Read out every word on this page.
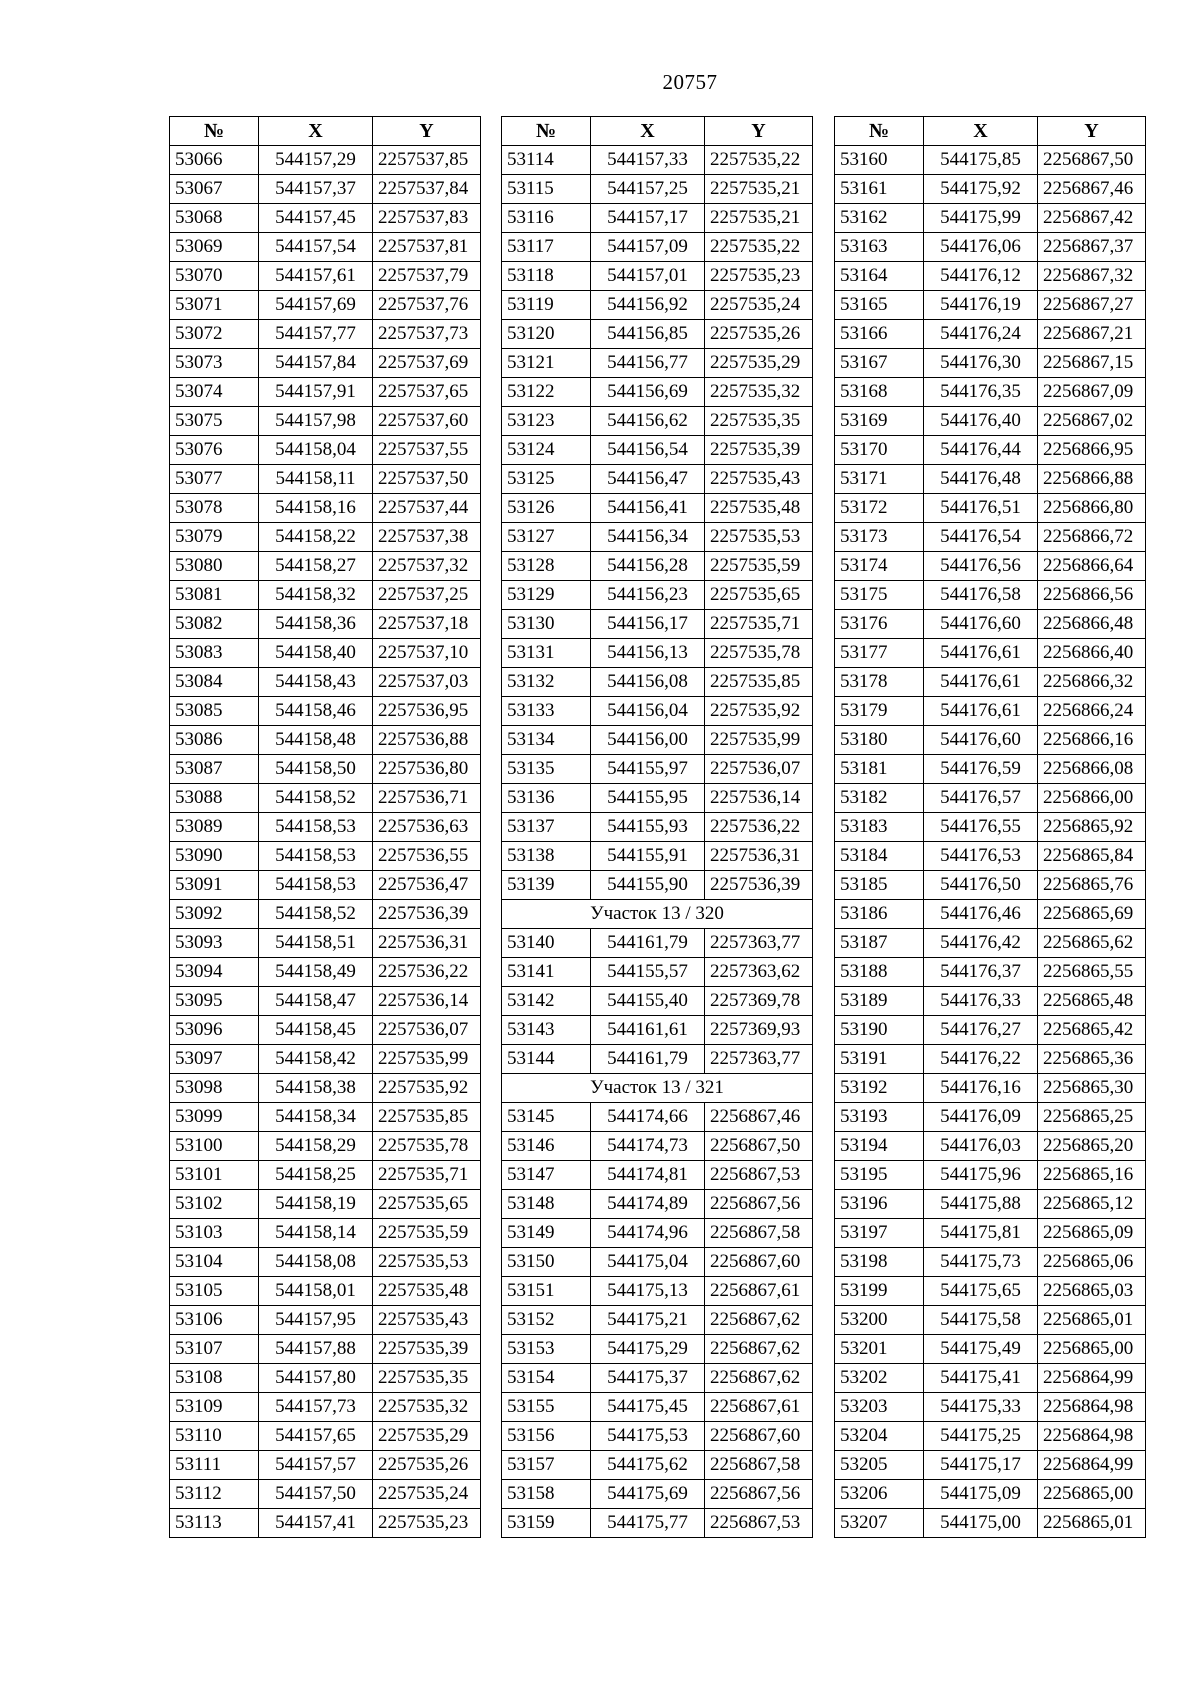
20757
№	X	Y
53066	544157,29	2257537,85
53067	544157,37	2257537,84
53068	544157,45	2257537,83
53069	544157,54	2257537,81
53070	544157,61	2257537,79
53071	544157,69	2257537,76
53072	544157,77	2257537,73
53073	544157,84	2257537,69
53074	544157,91	2257537,65
53075	544157,98	2257537,60
53076	544158,04	2257537,55
53077	544158,11	2257537,50
53078	544158,16	2257537,44
53079	544158,22	2257537,38
53080	544158,27	2257537,32
53081	544158,32	2257537,25
53082	544158,36	2257537,18
53083	544158,40	2257537,10
53084	544158,43	2257537,03
53085	544158,46	2257536,95
53086	544158,48	2257536,88
53087	544158,50	2257536,80
53088	544158,52	2257536,71
53089	544158,53	2257536,63
53090	544158,53	2257536,55
53091	544158,53	2257536,47
53092	544158,52	2257536,39
53093	544158,51	2257536,31
53094	544158,49	2257536,22
53095	544158,47	2257536,14
53096	544158,45	2257536,07
53097	544158,42	2257535,99
53098	544158,38	2257535,92
53099	544158,34	2257535,85
53100	544158,29	2257535,78
53101	544158,25	2257535,71
53102	544158,19	2257535,65
53103	544158,14	2257535,59
53104	544158,08	2257535,53
53105	544158,01	2257535,48
53106	544157,95	2257535,43
53107	544157,88	2257535,39
53108	544157,80	2257535,35
53109	544157,73	2257535,32
53110	544157,65	2257535,29
53111	544157,57	2257535,26
53112	544157,50	2257535,24
53113	544157,41	2257535,23
№	X	Y
53114	544157,33	2257535,22
53115	544157,25	2257535,21
53116	544157,17	2257535,21
53117	544157,09	2257535,22
53118	544157,01	2257535,23
53119	544156,92	2257535,24
53120	544156,85	2257535,26
53121	544156,77	2257535,29
53122	544156,69	2257535,32
53123	544156,62	2257535,35
53124	544156,54	2257535,39
53125	544156,47	2257535,43
53126	544156,41	2257535,48
53127	544156,34	2257535,53
53128	544156,28	2257535,59
53129	544156,23	2257535,65
53130	544156,17	2257535,71
53131	544156,13	2257535,78
53132	544156,08	2257535,85
53133	544156,04	2257535,92
53134	544156,00	2257535,99
53135	544155,97	2257536,07
53136	544155,95	2257536,14
53137	544155,93	2257536,22
53138	544155,91	2257536,31
53139	544155,90	2257536,39
Участок 13 / 320		
53140	544161,79	2257363,77
53141	544155,57	2257363,62
53142	544155,40	2257369,78
53143	544161,61	2257369,93
53144	544161,79	2257363,77
Участок 13 / 321		
53145	544174,66	2256867,46
53146	544174,73	2256867,50
53147	544174,81	2256867,53
53148	544174,89	2256867,56
53149	544174,96	2256867,58
53150	544175,04	2256867,60
53151	544175,13	2256867,61
53152	544175,21	2256867,62
53153	544175,29	2256867,62
53154	544175,37	2256867,62
53155	544175,45	2256867,61
53156	544175,53	2256867,60
53157	544175,62	2256867,58
53158	544175,69	2256867,56
53159	544175,77	2256867,53
№	X	Y
53160	544175,85	2256867,50
53161	544175,92	2256867,46
53162	544175,99	2256867,42
53163	544176,06	2256867,37
53164	544176,12	2256867,32
53165	544176,19	2256867,27
53166	544176,24	2256867,21
53167	544176,30	2256867,15
53168	544176,35	2256867,09
53169	544176,40	2256867,02
53170	544176,44	2256866,95
53171	544176,48	2256866,88
53172	544176,51	2256866,80
53173	544176,54	2256866,72
53174	544176,56	2256866,64
53175	544176,58	2256866,56
53176	544176,60	2256866,48
53177	544176,61	2256866,40
53178	544176,61	2256866,32
53179	544176,61	2256866,24
53180	544176,60	2256866,16
53181	544176,59	2256866,08
53182	544176,57	2256866,00
53183	544176,55	2256865,92
53184	544176,53	2256865,84
53185	544176,50	2256865,76
53186	544176,46	2256865,69
53187	544176,42	2256865,62
53188	544176,37	2256865,55
53189	544176,33	2256865,48
53190	544176,27	2256865,42
53191	544176,22	2256865,36
53192	544176,16	2256865,30
53193	544176,09	2256865,25
53194	544176,03	2256865,20
53195	544175,96	2256865,16
53196	544175,88	2256865,12
53197	544175,81	2256865,09
53198	544175,73	2256865,06
53199	544175,65	2256865,03
53200	544175,58	2256865,01
53201	544175,49	2256865,00
53202	544175,41	2256864,99
53203	544175,33	2256864,98
53204	544175,25	2256864,98
53205	544175,17	2256864,99
53206	544175,09	2256865,00
53207	544175,00	2256865,01
